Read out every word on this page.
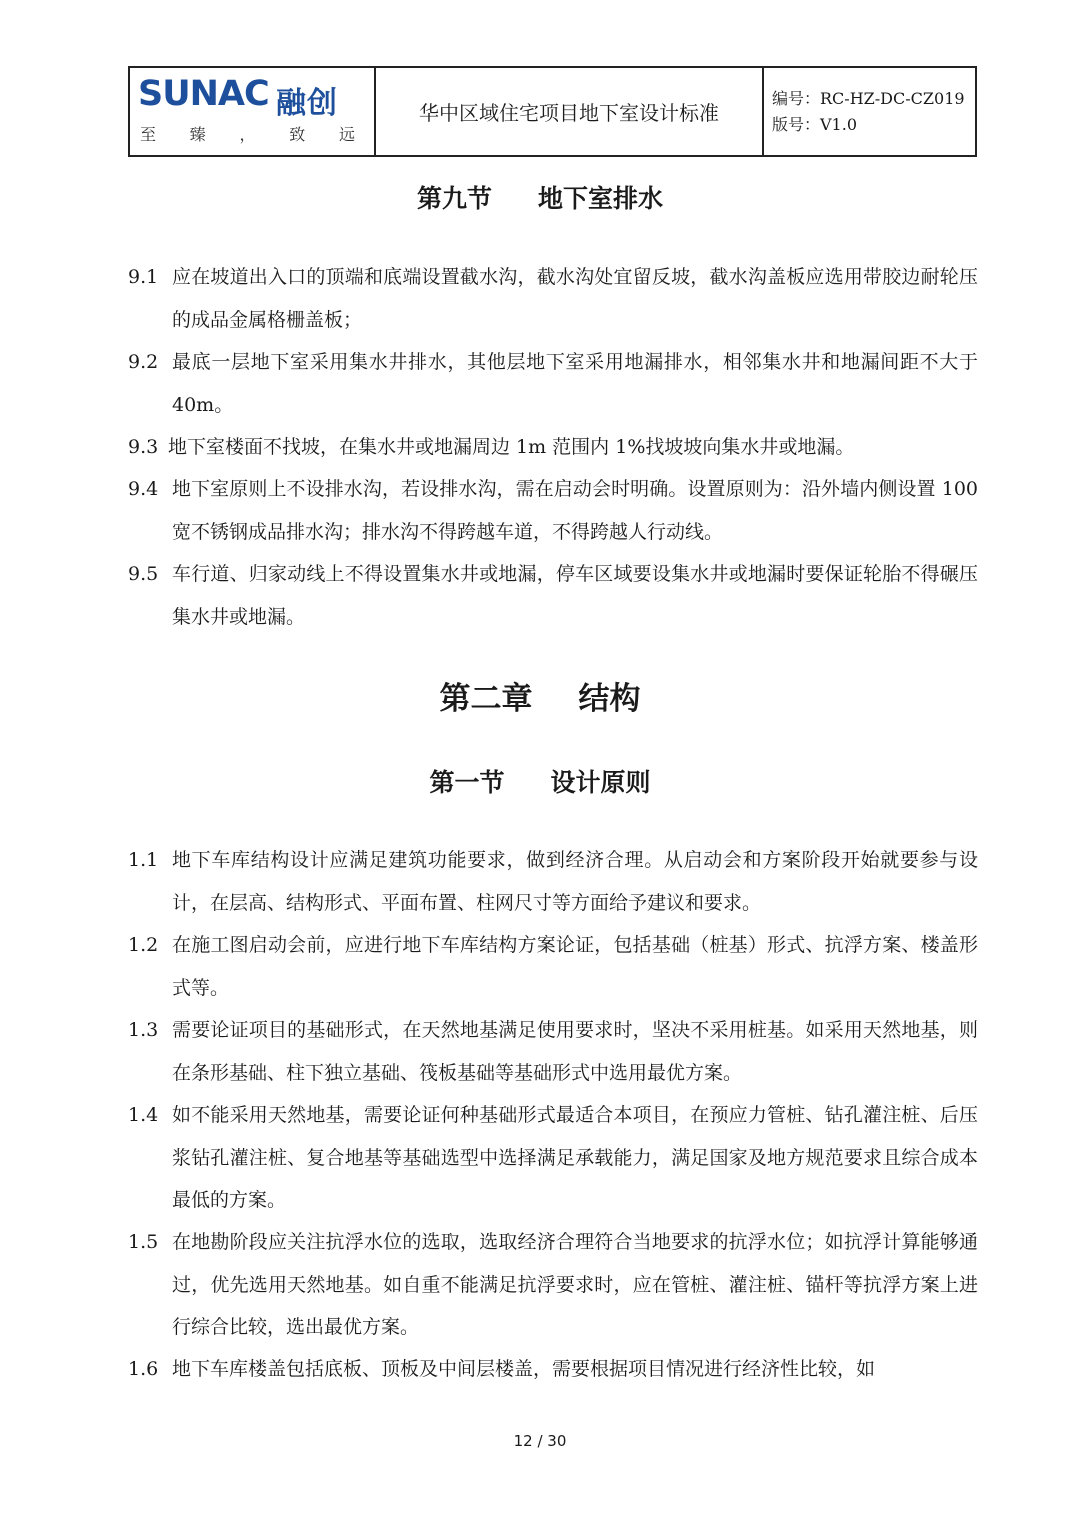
SUNAC 融创
至 臻 ， 致 远
华中区域住宅项目地下室设计标准
编号：RC-HZ-DC-CZ019
版号：V1.0
第九节 地下室排水
9.1 应在坡道出入口的顶端和底端设置截水沟，截水沟处宜留反坡，截水沟盖板应选用带胶边耐轮压的成品金属格栅盖板；
9.2 最底一层地下室采用集水井排水，其他层地下室采用地漏排水，相邻集水井和地漏间距不大于 40m。
9.3 地下室楼面不找坡，在集水井或地漏周边 1m 范围内 1%找坡坡向集水井或地漏。
9.4 地下室原则上不设排水沟，若设排水沟，需在启动会时明确。设置原则为：沿外墙内侧设置 100 宽不锈钢成品排水沟；排水沟不得跨越车道，不得跨越人行动线。
9.5 车行道、归家动线上不得设置集水井或地漏，停车区域要设集水井或地漏时要保证轮胎不得碾压集水井或地漏。
第二章 结构
第一节 设计原则
1.1 地下车库结构设计应满足建筑功能要求，做到经济合理。从启动会和方案阶段开始就要参与设计，在层高、结构形式、平面布置、柱网尺寸等方面给予建议和要求。
1.2 在施工图启动会前，应进行地下车库结构方案论证，包括基础（桩基）形式、抗浮方案、楼盖形式等。
1.3 需要论证项目的基础形式，在天然地基满足使用要求时，坚决不采用桩基。如采用天然地基，则在条形基础、柱下独立基础、筏板基础等基础形式中选用最优方案。
1.4 如不能采用天然地基，需要论证何种基础形式最适合本项目，在预应力管桩、钻孔灌注桩、后压浆钻孔灌注桩、复合地基等基础选型中选择满足承载能力，满足国家及地方规范要求且综合成本最低的方案。
1.5 在地勘阶段应关注抗浮水位的选取，选取经济合理符合当地要求的抗浮水位；如抗浮计算能够通过，优先选用天然地基。如自重不能满足抗浮要求时，应在管桩、灌注桩、锚杆等抗浮方案上进行综合比较，选出最优方案。
1.6 地下车库楼盖包括底板、顶板及中间层楼盖，需要根据项目情况进行经济性比较，如
12 / 30
